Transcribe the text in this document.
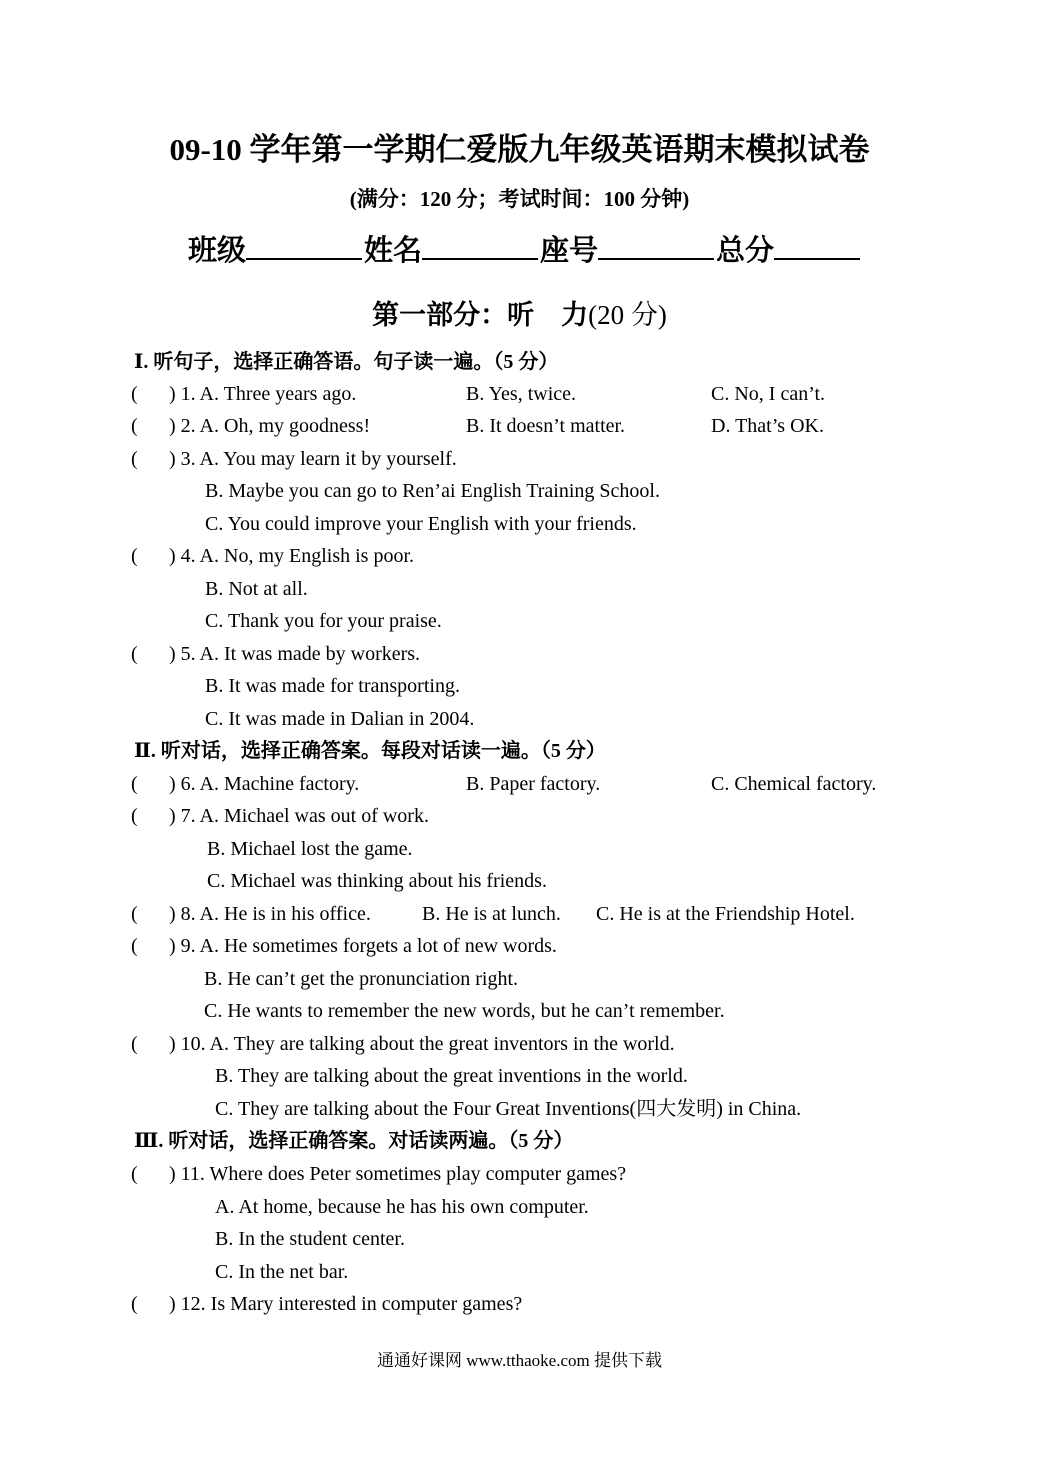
09-10 学年第一学期仁爱版九年级英语期末模拟试卷
(满分：120 分；考试时间：100 分钟)
班级	姓名	座号	总分
第一部分：听　力(20 分)
Ⅰ. 听句子，选择正确答语。句子读一遍。（5 分）
( ) 1. A. Three years ago.	B. Yes, twice.	C. No, I can’t.
( ) 2. A. Oh, my goodness!	B. It doesn’t matter.	D. That’s OK.
( ) 3. A. You may learn it by yourself.
B. Maybe you can go to Ren’ai English Training School.
C. You could improve your English with your friends.
( ) 4. A. No, my English is poor.
B. Not at all.
C. Thank you for your praise.
( ) 5. A. It was made by workers.
B. It was made for transporting.
C. It was made in Dalian in 2004.
Ⅱ. 听对话，选择正确答案。每段对话读一遍。（5 分）
( ) 6. A. Machine factory.	B. Paper factory.	C. Chemical factory.
( ) 7. A. Michael was out of work.
B. Michael lost the game.
C. Michael was thinking about his friends.
( ) 8. A. He is in his office.	B. He is at lunch. C. He is at the Friendship Hotel.
( ) 9. A. He sometimes forgets a lot of new words.
B. He can’t get the pronunciation right.
C. He wants to remember the new words, but he can’t remember.
( ) 10. A. They are talking about the great inventors in the world.
B. They are talking about the great inventions in the world.
C. They are talking about the Four Great Inventions(四大发明) in China.
Ⅲ. 听对话，选择正确答案。对话读两遍。（5 分）
( ) 11. Where does Peter sometimes play computer games?
A. At home, because he has his own computer.
B. In the student center.
C. In the net bar.
( ) 12. Is Mary interested in computer games?
通通好课网 www.tthaoke.com 提供下载
